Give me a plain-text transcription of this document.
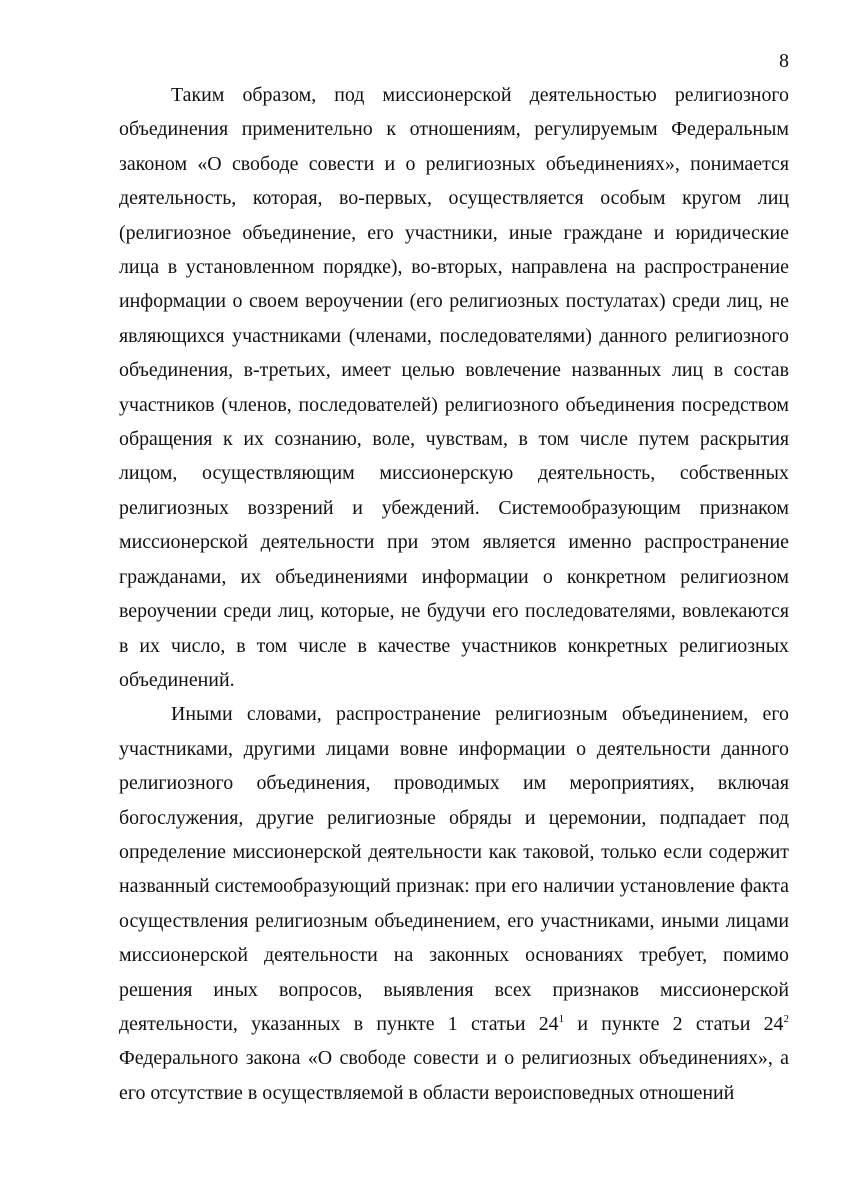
8

Таким образом, под миссионерской деятельностью религиозного объединения применительно к отношениям, регулируемым Федеральным законом «О свободе совести и о религиозных объединениях», понимается деятельность, которая, во-первых, осуществляется особым кругом лиц (религиозное объединение, его участники, иные граждане и юридические лица в установленном порядке), во-вторых, направлена на распространение информации о своем вероучении (его религиозных постулатах) среди лиц, не являющихся участниками (членами, последователями) данного религиозного объединения, в-третьих, имеет целью вовлечение названных лиц в состав участников (членов, последователей) религиозного объединения посредством обращения к их сознанию, воле, чувствам, в том числе путем раскрытия лицом, осуществляющим миссионерскую деятельность, собственных религиозных воззрений и убеждений. Системообразующим признаком миссионерской деятельности при этом является именно распространение гражданами, их объединениями информации о конкретном религиозном вероучении среди лиц, которые, не будучи его последователями, вовлекаются в их число, в том числе в качестве участников конкретных религиозных объединений.

Иными словами, распространение религиозным объединением, его участниками, другими лицами вовне информации о деятельности данного религиозного объединения, проводимых им мероприятиях, включая богослужения, другие религиозные обряды и церемонии, подпадает под определение миссионерской деятельности как таковой, только если содержит названный системообразующий признак: при его наличии установление факта осуществления религиозным объединением, его участниками, иными лицами миссионерской деятельности на законных основаниях требует, помимо решения иных вопросов, выявления всех признаков миссионерской деятельности, указанных в пункте 1 статьи $24^1$ и пункте 2 статьи $24^2$ Федерального закона «О свободе совести и о религиозных объединениях», а его отсутствие в осуществляемой в области вероисповедных отношений
